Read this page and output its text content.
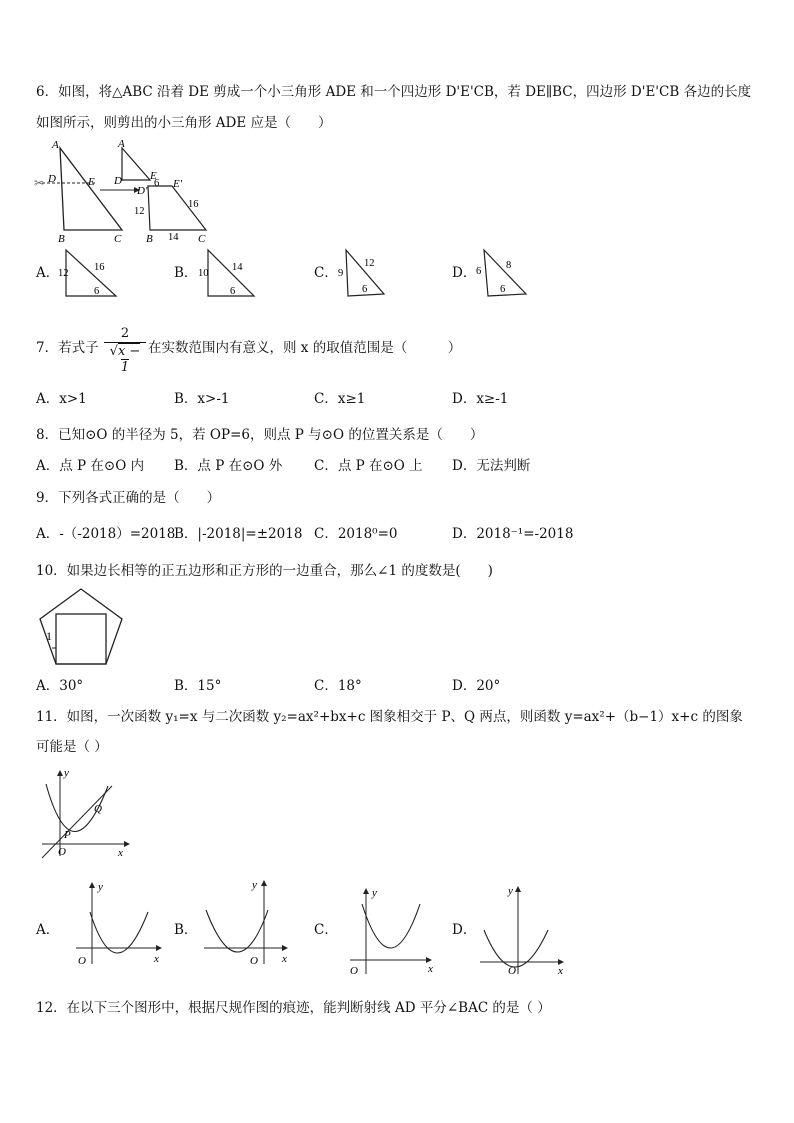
6．如图，将△ABC 沿着 DE 剪成一个小三角形 ADE 和一个四边形 D'E'CB，若 DE∥BC，四边形 D'E'CB 各边的长度
如图所示，则剪出的小三角形 ADE 应是（　　）
A
D	E
B	C
✂
A
D	E
D'
E'
6
16
12
14
B	C
A．
12
16
6
B． 10
14
6
C． 9
12
6
D． 6
8
6
7．若式子
2
√x − 1
在实数范围内有意义，则 x 的取值范围是（　　　）
A．x>1	B．x>-1	C．x≥1	D．x≥-1
8．已知⊙O 的半径为 5，若 OP=6，则点 P 与⊙O 的位置关系是（　　）
A．点 P 在⊙O 内 B．点 P 在⊙O 外 C．点 P 在⊙O 上 D．无法判断
9．下列各式正确的是（　　）
A．-（-2018）=2018
B．|-2018|=±2018 C．2018⁰=0	D．2018⁻¹=-2018
10．如果边长相等的正五边形和正方形的一边重合，那么∠1 的度数是(　　)
1
A．30°	B．15°	C．18°	D．20°
11．如图，一次函数 y₁=x 与二次函数 y₂=ax²+bx+c 图象相交于 P、Q 两点，则函数 y=ax²+（b−1）x+c 的图象
可能是（ ）
y
x
O
P
Q
A．
y
x
O
B．
y
x
O
C．
y
x
O
D．
y
x
O
12．在以下三个图形中，根据尺规作图的痕迹，能判断射线 AD 平分∠BAC 的是（ ）
